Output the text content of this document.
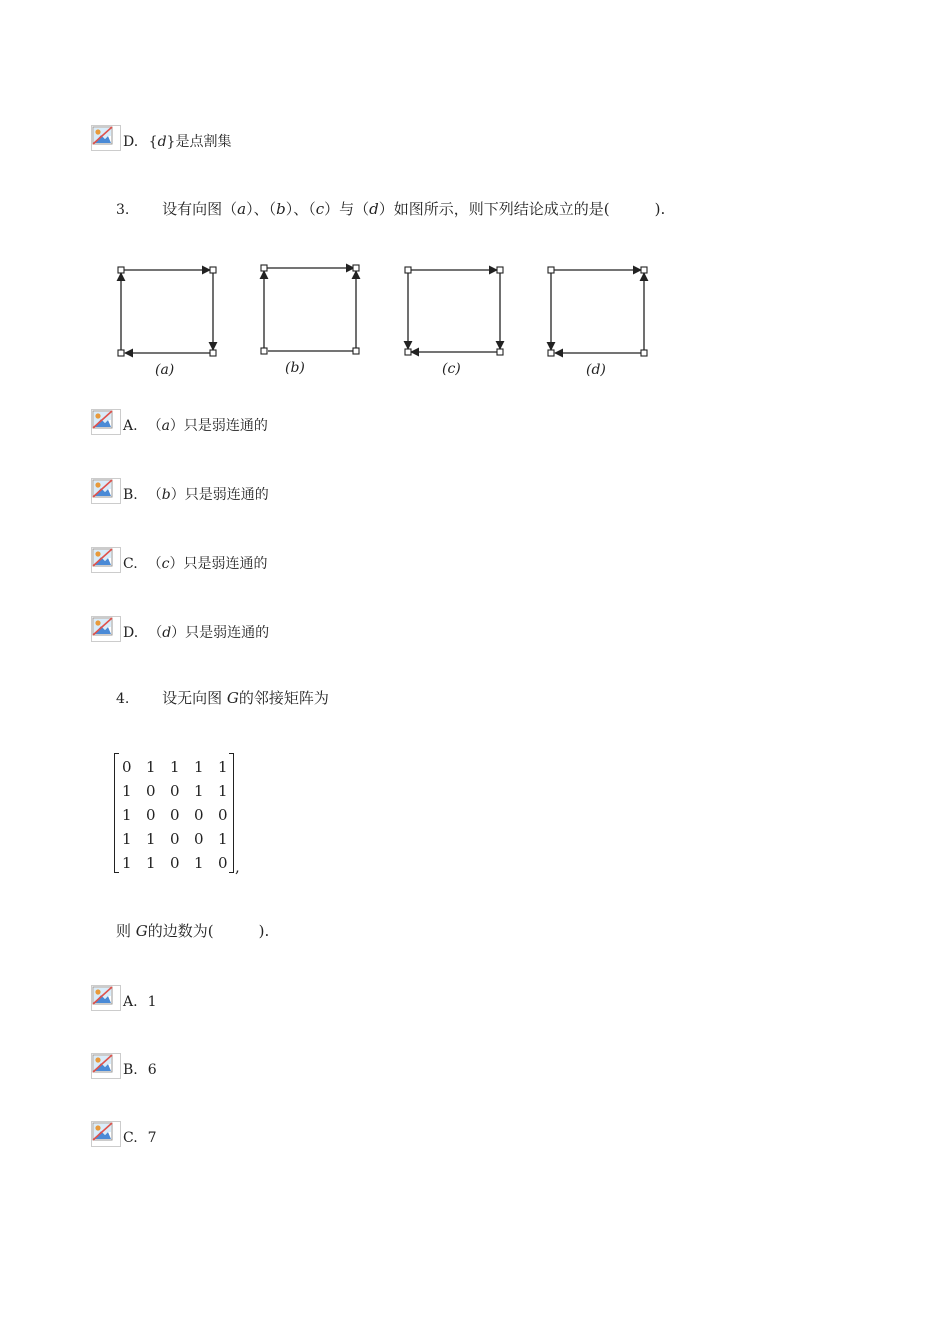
D. {d}是点割集
3. 设有向图（a）、（b）、（c）与（d）如图所示，则下列结论成立的是(　　　).
(a)	(b)	(c)	(d)
A. （a）只是弱连通的
B. （b）只是弱连通的
C. （c）只是弱连通的
D. （d）只是弱连通的
4. 设无向图 G的邻接矩阵为
0 1 1 1 1
1 0 0 1 1
1 0 0 0 0
1 1 0 0 1
1 1 0 1 0 ,
则 G的边数为(　　　).
A. 1
B. 6
C. 7
